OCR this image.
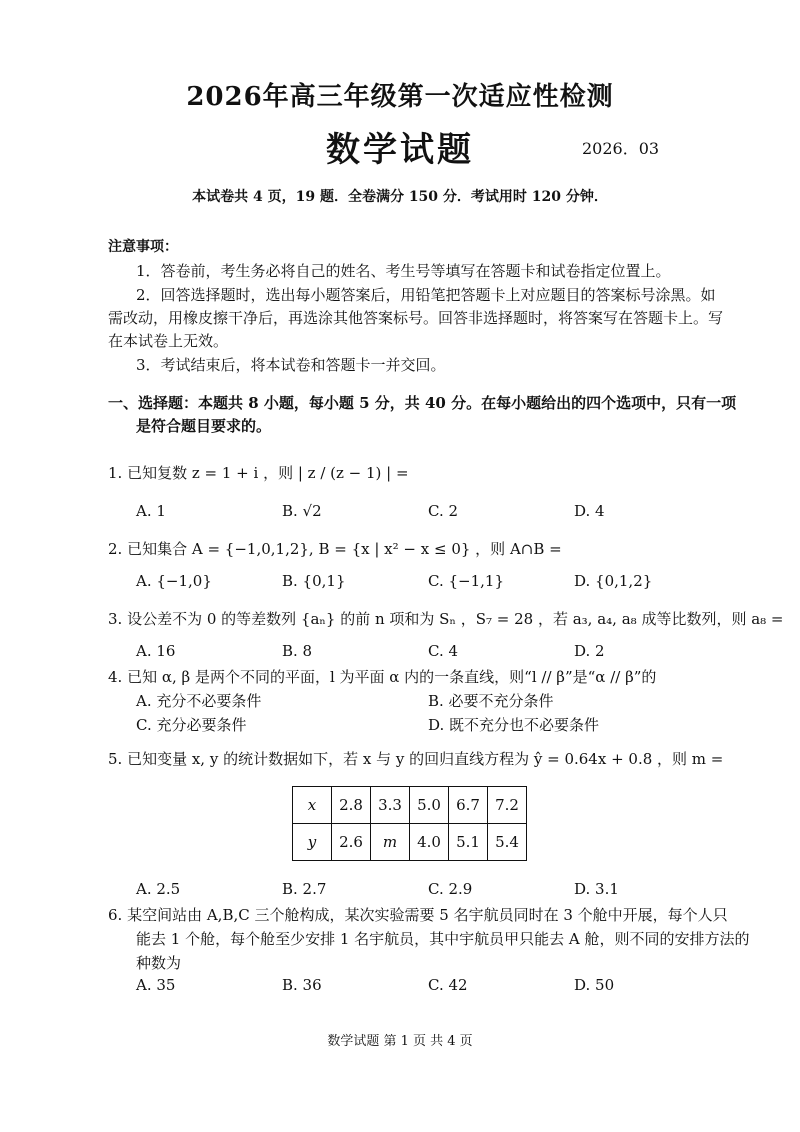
2026年高三年级第一次适应性检测
数学试题	2026．03
本试卷共 4 页，19 题．全卷满分 150 分．考试用时 120 分钟．
注意事项：
1．答卷前，考生务必将自己的姓名、考生号等填写在答题卡和试卷指定位置上。
2．回答选择题时，选出每小题答案后，用铅笔把答题卡上对应题目的答案标号涂黑。如
需改动，用橡皮擦干净后，再选涂其他答案标号。回答非选择题时，将答案写在答题卡上。写
在本试卷上无效。
3．考试结束后，将本试卷和答题卡一并交回。
一、选择题：本题共 8 小题，每小题 5 分，共 40 分。在每小题给出的四个选项中，只有一项
是符合题目要求的。
1. 已知复数 z = 1 + i ，则 | z / (z − 1) | =
A. 1	B. √2	C. 2	D. 4
2. 已知集合 A = {−1,0,1,2}, B = {x | x² − x ≤ 0} ，则 A∩B =
A. {−1,0}	B. {0,1}	C. {−1,1}	D. {0,1,2}
3. 设公差不为 0 的等差数列 {aₙ} 的前 n 项和为 Sₙ ，S₇ = 28 ，若 a₃, a₄, a₈ 成等比数列，则 a₈ =
A. 16	B. 8	C. 4	D. 2
4. 已知 α, β 是两个不同的平面，l 为平面 α 内的一条直线，则“l // β”是“α // β”的
A. 充分不必要条件	B. 必要不充分条件
C. 充分必要条件	D. 既不充分也不必要条件
5. 已知变量 x, y 的统计数据如下，若 x 与 y 的回归直线方程为 ŷ = 0.64x + 0.8 ，则 m =
x	2.8	3.3	5.0	6.7	7.2
y	2.6	m	4.0	5.1	5.4
A. 2.5	B. 2.7	C. 2.9	D. 3.1
6. 某空间站由 A,B,C 三个舱构成，某次实验需要 5 名宇航员同时在 3 个舱中开展，每个人只
能去 1 个舱，每个舱至少安排 1 名宇航员，其中宇航员甲只能去 A 舱，则不同的安排方法的
种数为
A. 35	B. 36	C. 42	D. 50
数学试题 第 1 页 共 4 页
